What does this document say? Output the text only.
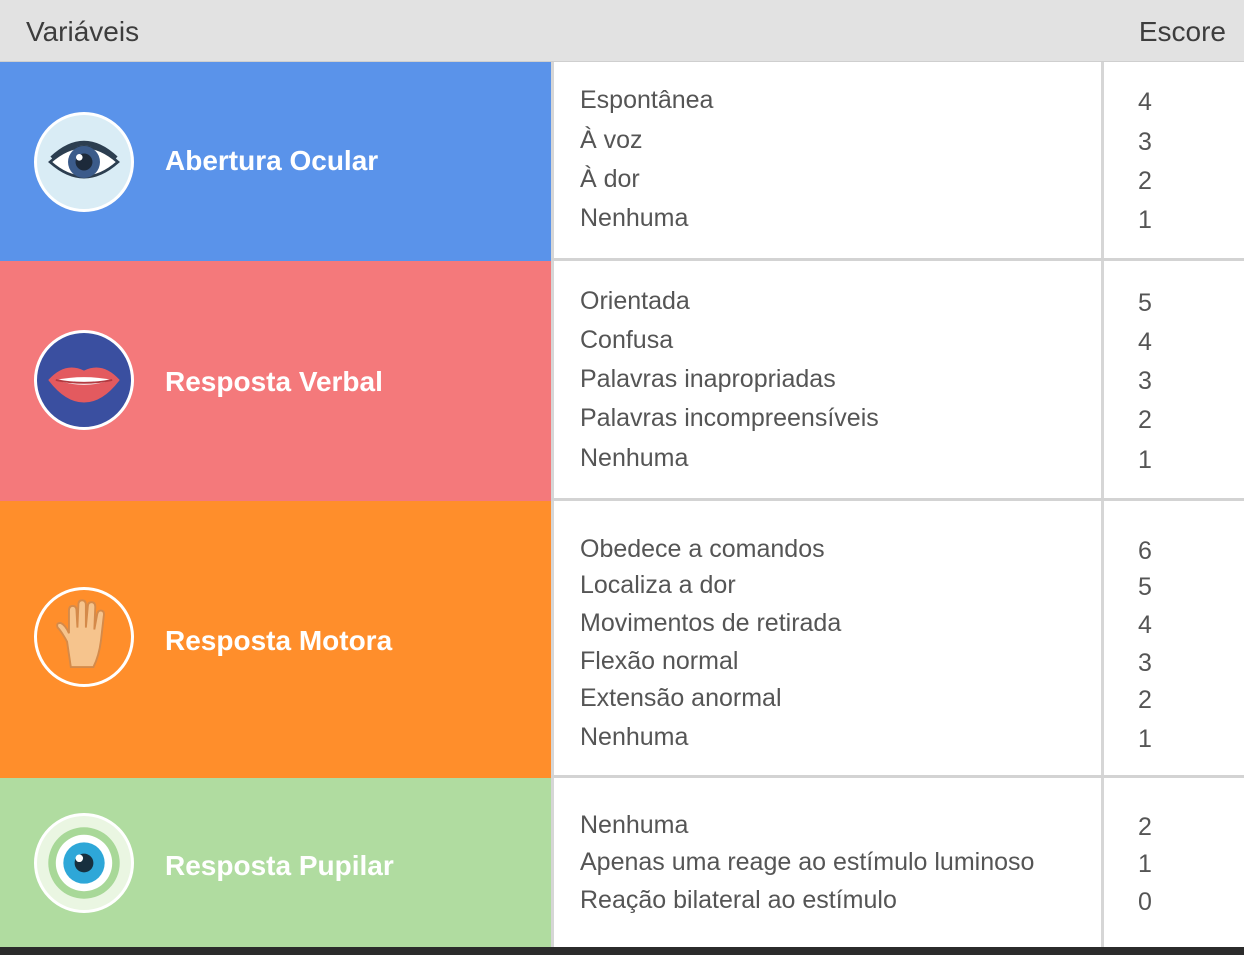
Variáveis	Escore
Abertura Ocular
Espontânea
À voz
À dor
Nenhuma
4
3
2
1
Resposta Verbal
Orientada
Confusa
Palavras inapropriadas
Palavras incompreensíveis
Nenhuma
5
4
3
2
1
Resposta Motora
Obedece a comandos
Localiza a dor
Movimentos de retirada
Flexão normal
Extensão anormal
Nenhuma
6
5
4
3
2
1
Resposta Pupilar
Nenhuma
Apenas uma reage ao estímulo luminoso
Reação bilateral ao estímulo
2
1
0
